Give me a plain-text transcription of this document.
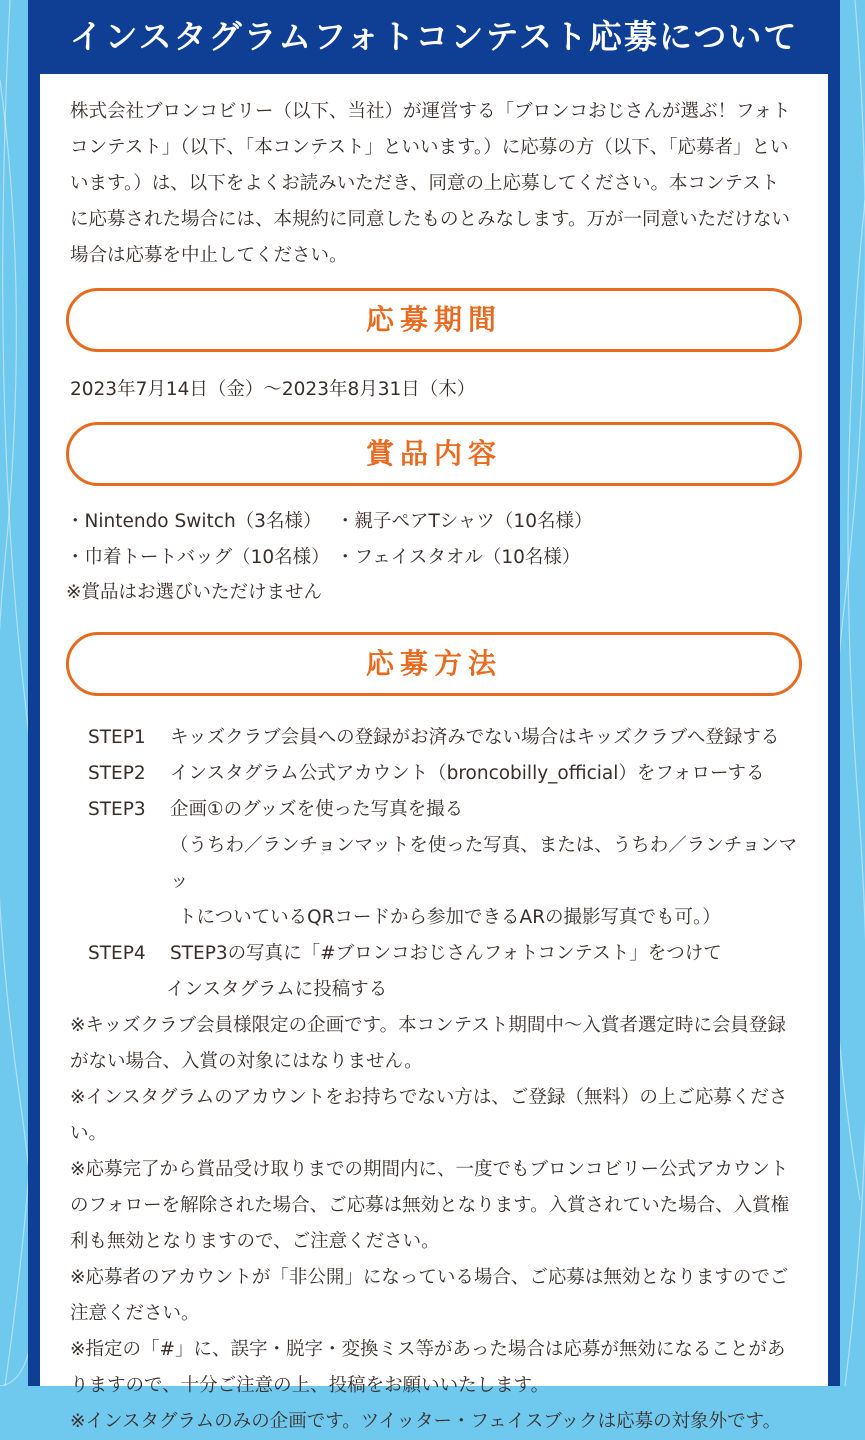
インスタグラムフォトコンテスト応募について
株式会社ブロンコビリー（以下、当社）が運営する「ブロンコおじさんが選ぶ！フォト
コンテスト」（以下、「本コンテスト」といいます。）に応募の方（以下、「応募者」とい
います。）は、以下をよくお読みいただき、同意の上応募してください。本コンテスト
に応募された場合には、本規約に同意したものとみなします。万が一同意いただけない
場合は応募を中止してください。
応募期間
2023年7月14日（金）～2023年8月31日（木）
賞品内容
・Nintendo Switch（3名様） ・親子ペアTシャツ（10名様）
・巾着トートバッグ（10名様） ・フェイスタオル（10名様）
※賞品はお選びいただけません
応募方法
STEP1	キッズクラブ会員への登録がお済みでない場合はキッズクラブへ登録する
STEP2	インスタグラム公式アカウント（broncobilly_official）をフォローする
STEP3	企画①のグッズを使った写真を撮る
（うちわ／ランチョンマットを使った写真、または、うちわ／ランチョンマッ
トについているQRコードから参加できるARの撮影写真でも可。）
STEP4	STEP3の写真に「#ブロンコおじさんフォトコンテスト」をつけて
インスタグラムに投稿する

※キッズクラブ会員様限定の企画です。本コンテスト期間中～入賞者選定時に会員登録

がない場合、入賞の対象にはなりません。

※インスタグラムのアカウントをお持ちでない方は、ご登録（無料）の上ご応募ください。

※応募完了から賞品受け取りまでの期間内に、一度でもブロンコビリー公式アカウント

のフォローを解除された場合、ご応募は無効となります。入賞されていた場合、入賞権

利も無効となりますので、ご注意ください。

※応募者のアカウントが「非公開」になっている場合、ご応募は無効となりますのでご

注意ください。

※指定の「#」に、誤字・脱字・変換ミス等があった場合は応募が無効になることがあ

りますので、十分ご注意の上、投稿をお願いいたします。

※インスタグラムのみの企画です。ツイッター・フェイスブックは応募の対象外です。
